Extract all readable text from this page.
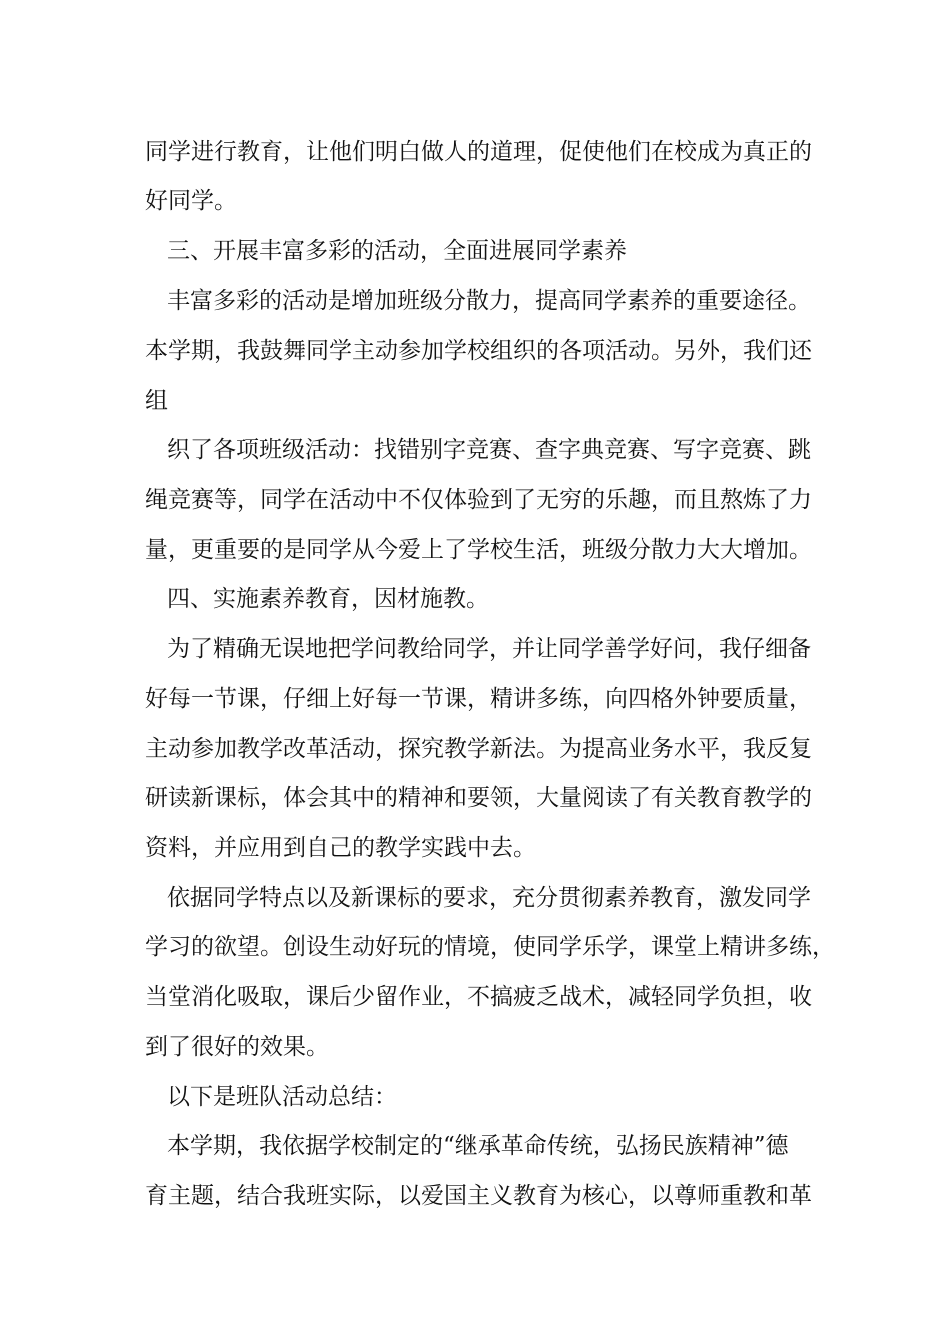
同学进行教育，让他们明白做人的道理，促使他们在校成为真正的
好同学。
三、开展丰富多彩的活动，全面进展同学素养
丰富多彩的活动是增加班级分散力，提高同学素养的重要途径。
本学期，我鼓舞同学主动参加学校组织的各项活动。另外，我们还
组
织了各项班级活动：找错别字竞赛、查字典竞赛、写字竞赛、跳
绳竞赛等，同学在活动中不仅体验到了无穷的乐趣，而且熬炼了力
量，更重要的是同学从今爱上了学校生活，班级分散力大大增加。
四、实施素养教育，因材施教。
为了精确无误地把学问教给同学，并让同学善学好问，我仔细备
好每一节课，仔细上好每一节课，精讲多练，向四格外钟要质量，
主动参加教学改革活动，探究教学新法。为提高业务水平，我反复
研读新课标，体会其中的精神和要领，大量阅读了有关教育教学的
资料，并应用到自己的教学实践中去。
依据同学特点以及新课标的要求，充分贯彻素养教育，激发同学
学习的欲望。创设生动好玩的情境，使同学乐学，课堂上精讲多练，
当堂消化吸取，课后少留作业，不搞疲乏战术，减轻同学负担，收
到了很好的效果。
以下是班队活动总结：
本学期，我依据学校制定的“继承革命传统，弘扬民族精神”德
育主题，结合我班实际，以爱国主义教育为核心，以尊师重教和革
